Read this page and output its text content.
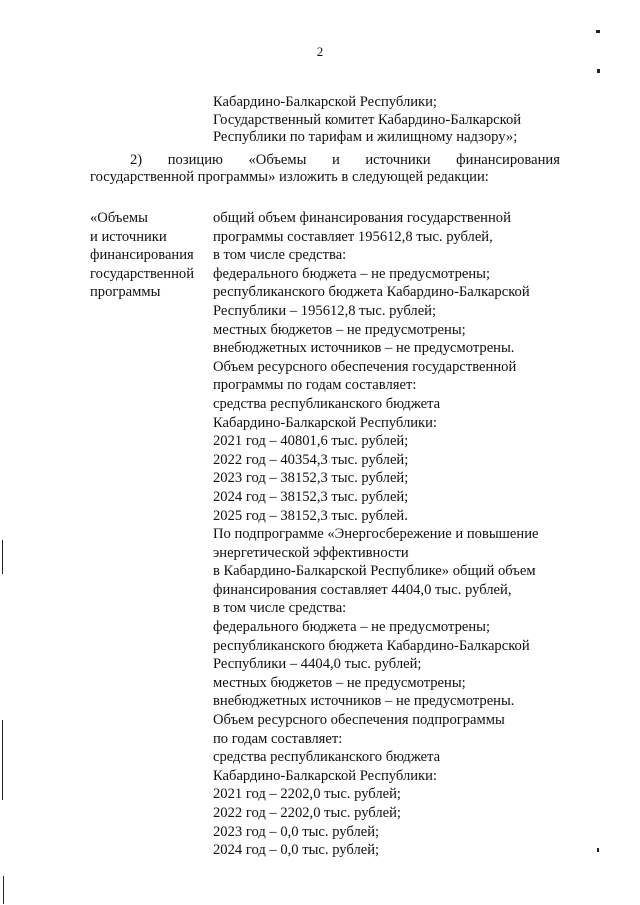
2
Кабардино-Балкарской Республики;
Государственный комитет Кабардино-Балкарской
Республики по тарифам и жилищному надзору»;
2) позицию «Объемы и источники финансирования
государственной программы» изложить в следующей редакции:
«Объемы
и источники
финансирования
государственной
программы
общий объем финансирования государственной
программы составляет 195612,8 тыс. рублей,
в том числе средства:
федерального бюджета – не предусмотрены;
республиканского бюджета Кабардино-Балкарской
Республики – 195612,8 тыс. рублей;
местных бюджетов – не предусмотрены;
внебюджетных источников – не предусмотрены.
Объем ресурсного обеспечения государственной
программы по годам составляет:
средства республиканского бюджета
Кабардино-Балкарской Республики:
2021 год – 40801,6 тыс. рублей;
2022 год – 40354,3 тыс. рублей;
2023 год – 38152,3 тыс. рублей;
2024 год – 38152,3 тыс. рублей;
2025 год – 38152,3 тыс. рублей.
По подпрограмме «Энергосбережение и повышение
энергетической эффективности
в Кабардино-Балкарской Республике» общий объем
финансирования составляет 4404,0 тыс. рублей,
в том числе средства:
федерального бюджета – не предусмотрены;
республиканского бюджета Кабардино-Балкарской
Республики – 4404,0 тыс. рублей;
местных бюджетов – не предусмотрены;
внебюджетных источников – не предусмотрены.
Объем ресурсного обеспечения подпрограммы
по годам составляет:
средства республиканского бюджета
Кабардино-Балкарской Республики:
2021 год – 2202,0 тыс. рублей;
2022 год – 2202,0 тыс. рублей;
2023 год – 0,0 тыс. рублей;
2024 год – 0,0 тыс. рублей;
